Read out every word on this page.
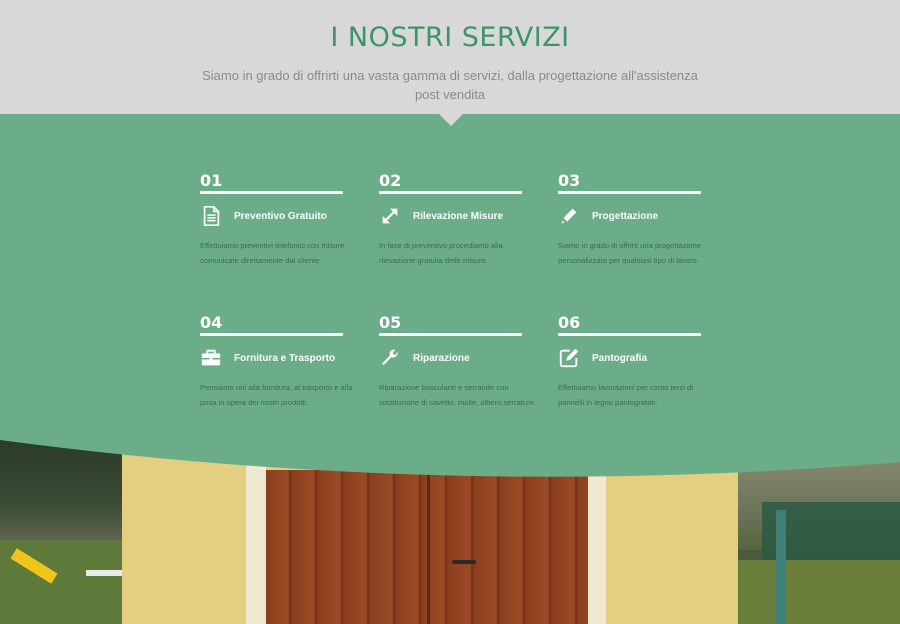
I NOSTRI SERVIZI

Siamo in grado di offrirti una vasta gamma di servizi, dalla progettazione all'assistenza post vendita

01
Preventivo Gratuito
Effettuiamo preventivi telefonici con misure comunicate direttamente dal cliente.
02
Rilevazione Misure
In fase di preventivo procediamo alla rilevazione gratuita delle misure.
03
Progettazione
Siamo in grado di offrirti una progettazione personalizzata per qualsiasi tipo di lavoro.
04
Fornitura e Trasporto
Pensiamo noi alla fornitura, al trasporto e alla posa in opera dei nostri prodotti.
05
Riparazione
Riparazione basculanti e serrande con sostituzione di cavetto, molle, albero,serrature.
06
Pantografia
Effettuiamo lavorazioni per conto terzi di pannelli in legno pantografati.
